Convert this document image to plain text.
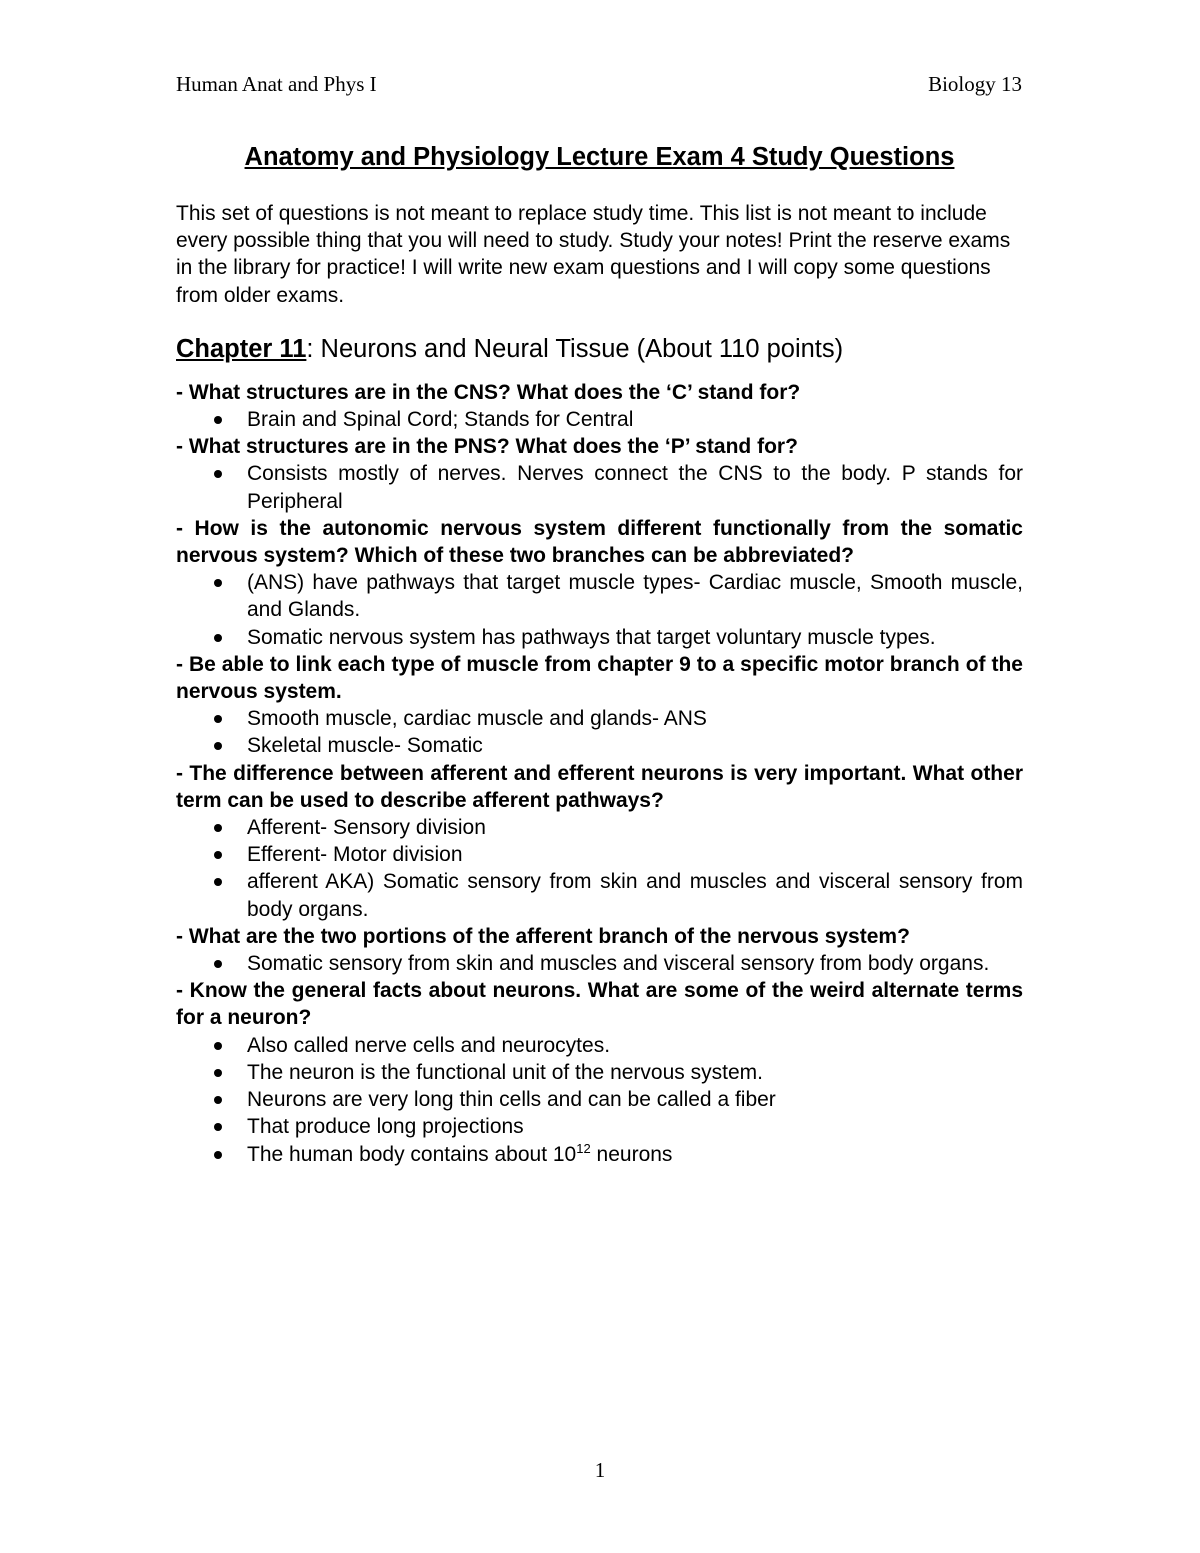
Human Anat and Phys I	Biology 13
Anatomy and Physiology Lecture Exam 4 Study Questions

This set of questions is not meant to replace study time. This list is not meant to include every possible thing that you will need to study. Study your notes! Print the reserve exams in the library for practice! I will write new exam questions and I will copy some questions from older exams.

Chapter 11: Neurons and Neural Tissue (About 110 points)

- What structures are in the CNS? What does the ‘C’ stand for?

Brain and Spinal Cord; Stands for Central

- What structures are in the PNS? What does the ‘P’ stand for?

Consists mostly of nerves. Nerves connect the CNS to the body. P stands for Peripheral

- How is the autonomic nervous system different functionally from the somatic nervous system? Which of these two branches can be abbreviated?

(ANS) have pathways that target muscle types- Cardiac muscle, Smooth muscle, and Glands.
Somatic nervous system has pathways that target voluntary muscle types.

- Be able to link each type of muscle from chapter 9 to a specific motor branch of the nervous system.

Smooth muscle, cardiac muscle and glands- ANS
Skeletal muscle- Somatic

- The difference between afferent and efferent neurons is very important. What other term can be used to describe afferent pathways?

Afferent- Sensory division
Efferent- Motor division
afferent AKA) Somatic sensory from skin and muscles and visceral sensory from body organs.

- What are the two portions of the afferent branch of the nervous system?

Somatic sensory from skin and muscles and visceral sensory from body organs.

- Know the general facts about neurons. What are some of the weird alternate terms for a neuron?

Also called nerve cells and neurocytes.
The neuron is the functional unit of the nervous system.
Neurons are very long thin cells and can be called a fiber
That produce long projections
The human body contains about $10^{12}$ neurons
1
